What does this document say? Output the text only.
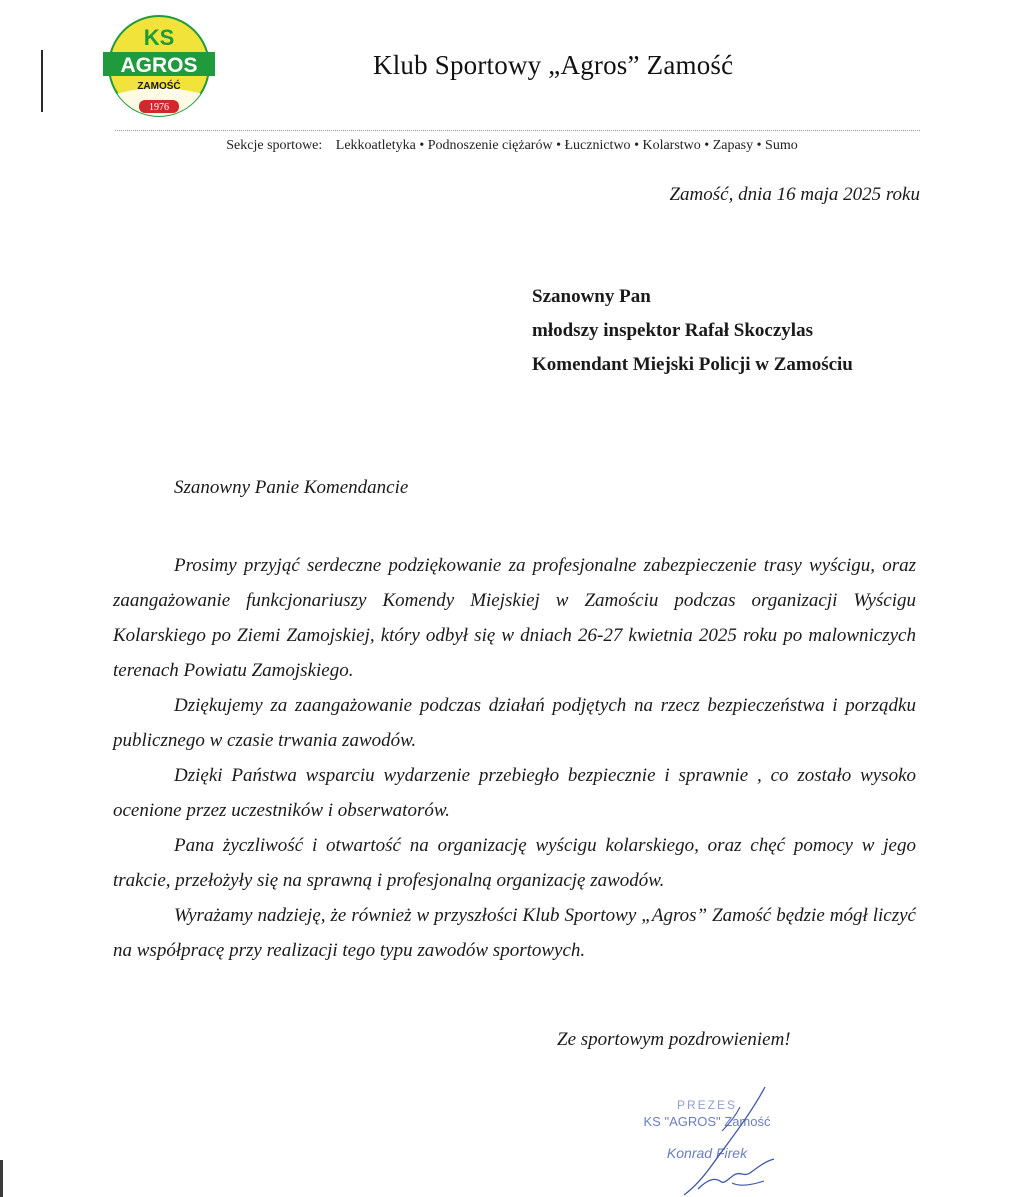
KS
AGROS
ZAMOŚĆ
1976
Klub Sportowy „Agros” Zamość
Sekcje sportowe: Lekkoatletyka • Podnoszenie ciężarów • Łucznictwo • Kolarstwo • Zapasy • Sumo
Zamość, dnia 16 maja 2025 roku
Szanowny Pan
młodszy inspektor Rafał Skoczylas
Komendant Miejski Policji w Zamościu
Szanowny Panie Komendancie

Prosimy przyjąć serdeczne podziękowanie za profesjonalne zabezpieczenie trasy wyścigu, oraz zaangażowanie funkcjonariuszy Komendy Miejskiej w Zamościu podczas organizacji Wyścigu Kolarskiego po Ziemi Zamojskiej, który odbył się w dniach 26-27 kwietnia 2025 roku po malowniczych terenach Powiatu Zamojskiego.

Dziękujemy za zaangażowanie podczas działań podjętych na rzecz bezpieczeństwa i porządku publicznego w czasie trwania zawodów.

Dzięki Państwa wsparciu wydarzenie przebiegło bezpiecznie i sprawnie , co zostało wysoko ocenione przez uczestników i obserwatorów.

Pana życzliwość i otwartość na organizację wyścigu kolarskiego, oraz chęć pomocy w jego trakcie, przełożyły się na sprawną i profesjonalną organizację zawodów.

Wyrażamy nadzieję, że również w przyszłości Klub Sportowy „Agros” Zamość będzie mógł liczyć na współpracę przy realizacji tego typu zawodów sportowych.

Ze sportowym pozdrowieniem!
PREZES
KS "AGROS" Zamość
Konrad Firek
